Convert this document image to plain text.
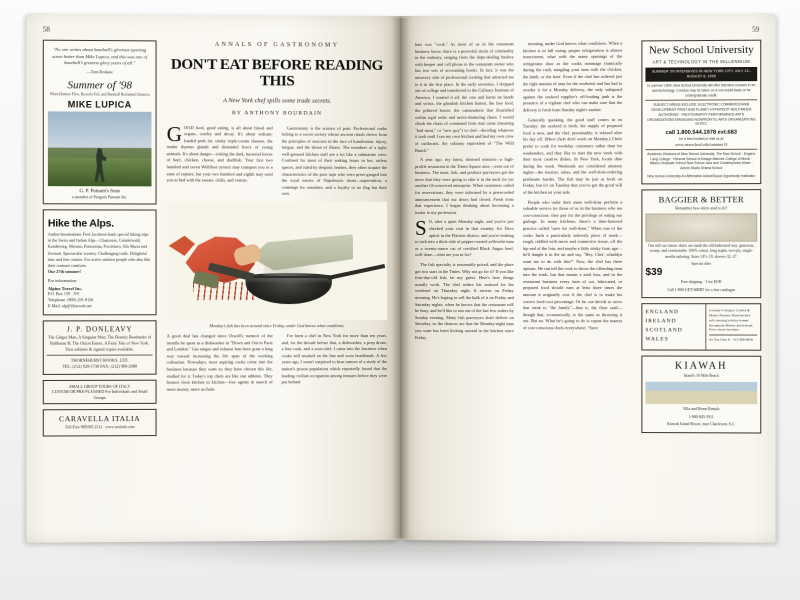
58
"No one writes about baseball's glorious sporting scene better than Mike Lupica, and this was one of baseball's greatest glory years of all."
—Tom Brokaw
Summer of '98
When Homers Flew, Records Fell, and Baseball Reclaimed America
MIKE LUPICA
G. P. Putnam's Sons
a member of Penguin Putnam Inc.
Hike the Alps.
Author/mountaineer Fred Jacobson leads special hiking trips in the Swiss and Italian Alps—Chamonix, Grindelwald, Kandersteg, Merano, Pontresina, Poschiavo, Sils Maria and Zermatt. Spectacular scenery. Challenging trails. Delightful inns and fine cuisine. For active outdoor people who also like their creature comforts.
Our 27th summer!
For information
Alpine Travel Inc.
P.O. Box 159 · NY
Telephone: (800) 291-8126
E-Mail: alp@fiberweb.net
J. P. DONLEAVY
The Ginger Man, A Singular Man, The Beastly Beatitudes of Balthazar B, The Onion Eaters, A Fairy Tale of New York. First editions & signed copies available.
THORNEHURST BOOKS, LTD.
TEL: (212) 929-1738 FAX: (212) 989-2988
SMALL GROUP TOURS OF ITALY
CUSTOM OR PRE-PLANNED For Individuals and Small Groups
CARAVELLA ITALIA
Toll-Free 888.665.2112 · www.seaitaly.com
ANNALS OF GASTRONOMY
DON'T EAT BEFORE READING THIS
A New York chef spills some trade secrets.
BY ANTHONY BOURDAIN

GOOD food, good eating, is all about blood and organs, cruelty and decay. It's about sodium-loaded pork fat, stinky triple-cream cheeses, the tender thymus glands and distended livers of young animals. It's about danger—risking the dark, bacterial forces of beef, chicken, cheese, and shellfish. Your first two hundred and seven Wellfleet oysters may transport you to a state of rapture, but your two hundred and eighth may send you to bed with the sweats, chills, and vomits.

Gastronomy is the science of pain. Professional cooks belong to a secret society whose ancient rituals derive from the principles of stoicism in the face of humiliation, injury, fatigue, and the threat of illness. The members of a tight, well-greased kitchen staff are a lot like a submarine crew. Confined for most of their waking hours in hot, airless spaces, and ruled by despotic leaders, they often acquire the characteristics of the poor saps who were press-ganged into the royal navies of Napoleonic times—superstition, a contempt for outsiders, and a loyalty to no flag but their own.

Monday's fish has been around since Friday, under God knows what conditions.

A good deal has changed since Orwell's memoir of the months he spent as a dishwasher in "Down and Out in Paris and London." Gas ranges and exhaust fans have gone a long way toward increasing the life span of the working culinarian. Nowadays, most aspiring cooks come into the business because they want to; they have chosen this life, studied for it. Today's top chefs are like star athletes. They bounce from kitchen to kitchen—free agents in search of more money, more acclaim.

I've been a chef in New York for more than ten years, and, for the decade before that, a dishwasher, a prep drone, a line cook, and a sous-chef. I came into the business when cooks still smoked on the line and wore headbands. A few years ago, I wasn't surprised to hear rumors of a study of the nation's prison population which reportedly found that the leading civilian occupation among inmates before they were put behind

59

bars was "cook." As most of us in the restaurant business know, there is a powerful strain of criminality in the industry, ranging from the dope-dealing busboy with beeper and cell phone to the restaurant owner who has two sets of accounting books. In fact, it was the unsavory side of professional cooking that attracted me to it in the first place. In the early seventies, I dropped out of college and transferred to the Culinary Institute of America. I wanted it all: the cuts and burns on hands and wrists, the ghoulish kitchen humor, the free food, the pilfered booze, the camaraderie that flourished within rigid order and nerve-shattering chaos. I would climb the chain of command from mal carne (meaning "bad meat," or "new guy") to chef—deciding whatever it took until I ran my own kitchen and had my own crew of cutthroats, the culinary equivalent of "The Wild Bunch."

A year ago, my latest, doomed mission—a high-profile restaurant in the Times Square area—went out of business. The meat, fish, and produce purveyors got the news that they were going to take it in the neck for yet another ill-conceived enterprise. When customers called for reservations, they were informed by a prerecorded announcement that our doors had closed. Fresh from that experience, I began thinking about becoming a traitor to my profession.

S O, after a quiet Monday night, and you've just checked your coat in that swanky Art Deco uptick in the Flatiron district, and you're looking to tuck into a thick slab of pepper-crusted yellowfin tuna or a twenty-ounce cut of certified Black Angus beef, well done—what are you in for?

The fish specialty is reasonably priced, and the place got two stars in the Times. Why not go for it? If you like four-day-old fish, be my guest. Here's how things usually work. The chef orders his seafood for the weekend on Thursday night. It arrives on Friday morning. He's hoping to sell the bulk of it on Friday and Saturday nights, when he knows that the restaurant will be busy, and he'd like to run out of the last few orders by Sunday evening. Many fish purveyors don't deliver on Saturday, so the chances are that the Monday-night tuna you want has been kicking around in the kitchen since Friday

morning, under God knows what conditions. When a kitchen is in full swing, proper refrigeration is almost nonexistent, what with the many openings of the refrigerator door as the cooks rummage frantically during the rush, mingling your tuna with the chicken, the lamb, or the beef. Even if the chef has ordered just the right amount of tuna for the weekend, and has had to reorder it for a Monday delivery, the only safeguard against the seafood supplier's off-loading junk is the presence of a vigilant chef who can make sure that the delivery is fresh from Sunday night's market.

Generally speaking, the good stuff comes in on Tuesday: the seafood is fresh, the supply of prepared food is new, and the chef, presumably, is relaxed after his day off. (Most chefs don't work on Monday.) Chefs prefer to cook for weekday customers rather than for weekenders, and they like to start the new week with their most creative dishes. In New York, locals dine during the week. Weekends are considered amateur nights—the tourists, rubes, and the well-done-ordering pretheatre hordes. The fish may be just as fresh on Friday, but it's on Tuesday that you've got the good will of the kitchen on your side.

People who order their meat well-done perform a valuable service for those of us in the business who are cost-conscious: they pay for the privilege of eating our garbage. In many kitchens, there's a time-honored practice called "save for well-done." When one of the cooks finds a particularly unlovely piece of steak—tough, riddled with nerve and connective tissue, off the hip end of the loin, and maybe a little stinky from age—he'll dangle it in the air and say, "Hey, Chef, whaddya want me to do with this?" Now, the chef has three options. He can tell the cook to throw the offending item into the trash, but that means a total loss, and in the restaurant business every item of cut, fabricated, or prepared food should earn at least three times the amount it originally cost if the chef is to make his correct food-cost percentage. Or he can decide to serve that steak to "the family"—that is, the floor staff—though that, economically, is the same as throwing it out. But no. What he's going to do is repeat the mantra of cost-conscious chefs everywhere: "Save

New School University
ART & TECHNOLOGY IN THE MILLENNIUM
SUMMER '99 INTENSIVES IN NEW YORK CITY JULY 12–AUGUST 6, 1999
In summer 1999, New School University will offer intensive courses in art and technology. Courses may be taken on a non-credit basis or for undergraduate credit.
SUBJECT AREAS INCLUDE: ELECTRONIC COMMERCE/WEB DEVELOPMENT PRINT AND PLANET HYPERTEXT MULTIMEDIA AUTHORING · PHOTOGRAPHY PERFORMANCE ARTS ORGANIZATIONS MANAGING NONPROFITS: ARTS ORGANIZATIONS IN NYC
call 1.800.544.1978 ext.683
for a free booklet or visit us at
www.newschool.edu/summer14
Academic Divisions of New School University: The New School · Eugene Lang College · Parsons School of Design Mannes College of Music · Milano Graduate School New School Jazz and Contemporary Music · Actors Studio Drama School
New School University An Affirmative Action/Equal Opportunity Institution
BAGGIER & BETTER
Remember how shirts used to fit?
Our full-cut classic shirts are made the old-fashioned way: generous, roomy, and comfortable. 100% cotton, long staple, two-ply, single-needle tailoring. Sizes 14½–19, sleeves 32–37.
Special offer
$39
Free shipping · 3 for $109
Call 1-800-GET-SHIRT for a free catalogue
ENGLAND IRELAND SCOTLAND WALES
Country Cottages, Castles & Manor Houses. Hand-picked self-catering holiday homes throughout Britain and Ireland. Free colour brochure.
As You Like It · 415/380-9848
KIAWAH
Island's 10 Mile Beach
Villa and Home Rentals
1-800-845-3911
Kiawah Island Resort, near Charleston, S.C.
